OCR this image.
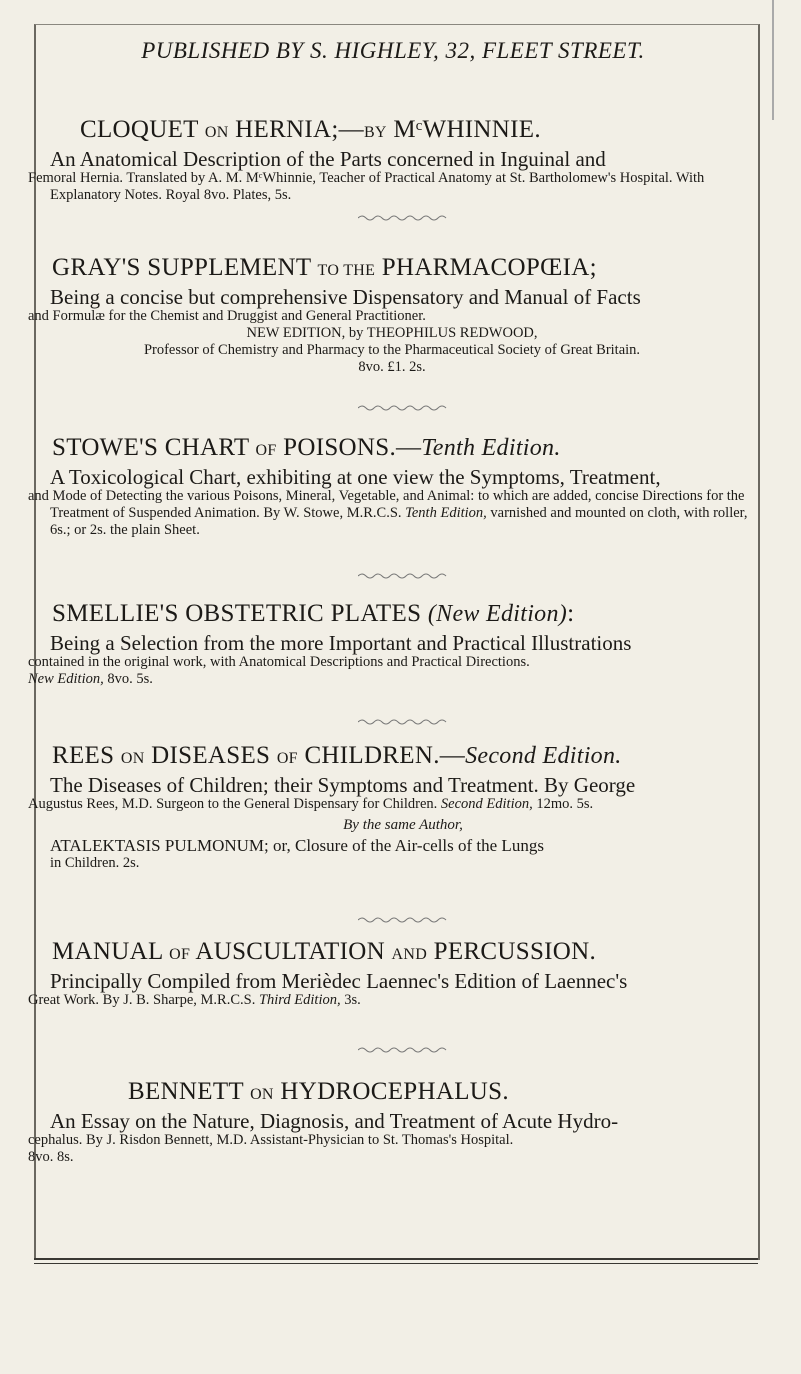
PUBLISHED BY S. HIGHLEY, 32, FLEET STREET.
CLOQUET ON HERNIA;—BY MᶜWHINNIE.
An Anatomical Description of the Parts concerned in Inguinal and
Femoral Hernia. Translated by A. M. MᶜWhinnie, Teacher of Practical Anatomy at St. Bartholomew's Hospital. With Explanatory Notes. Royal 8vo. Plates, 5s.
GRAY'S SUPPLEMENT TO THE PHARMACOPŒIA;
Being a concise but comprehensive Dispensatory and Manual of Facts
and Formulæ for the Chemist and Druggist and General Practitioner.
NEW EDITION, by THEOPHILUS REDWOOD,
Professor of Chemistry and Pharmacy to the Pharmaceutical Society of Great Britain.
8vo. £1. 2s.
STOWE'S CHART OF POISONS.—Tenth Edition.
A Toxicological Chart, exhibiting at one view the Symptoms, Treatment,
and Mode of Detecting the various Poisons, Mineral, Vegetable, and Animal: to which are added, concise Directions for the Treatment of Suspended Animation. By W. Stowe, M.R.C.S. Tenth Edition, varnished and mounted on cloth, with roller, 6s.; or 2s. the plain Sheet.
SMELLIE'S OBSTETRIC PLATES (New Edition):
Being a Selection from the more Important and Practical Illustrations
contained in the original work, with Anatomical Descriptions and Practical Directions.
New Edition, 8vo. 5s.
REES ON DISEASES OF CHILDREN.—Second Edition.
The Diseases of Children; their Symptoms and Treatment. By George
Augustus Rees, M.D. Surgeon to the General Dispensary for Children. Second Edition, 12mo. 5s.
By the same Author,
ATALEKTASIS PULMONUM; or, Closure of the Air-cells of the Lungs
in Children. 2s.
MANUAL OF AUSCULTATION AND PERCUSSION.
Principally Compiled from Merièdec Laennec's Edition of Laennec's
Great Work. By J. B. Sharpe, M.R.C.S. Third Edition, 3s.
BENNETT ON HYDROCEPHALUS.
An Essay on the Nature, Diagnosis, and Treatment of Acute Hydro-
cephalus. By J. Risdon Bennett, M.D. Assistant-Physician to St. Thomas's Hospital.
8vo. 8s.
